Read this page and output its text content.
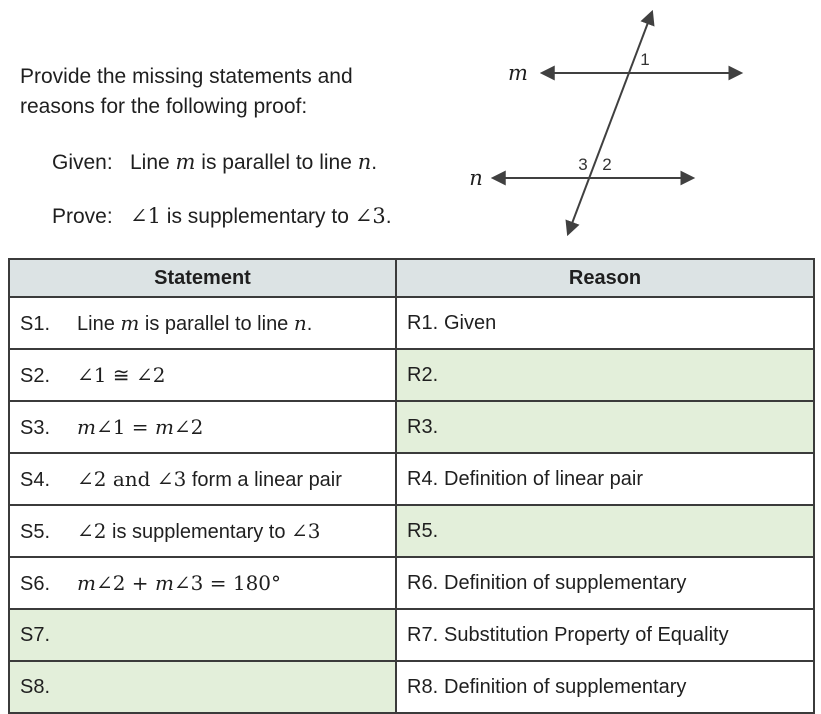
Provide the missing statements and
reasons for the following proof:
Given: Line m is parallel to line n.
Prove: ∠1 is supplementary to ∠3.
m
n
1
3 2
Statement	Reason
S1. Line m is parallel to line n.	R1. Given
S2. ∠1 ≅ ∠2	R2.
S3. m∠1 = m∠2	R3.
S4. ∠2 and ∠3 form a linear pair	R4. Definition of linear pair
S5. ∠2 is supplementary to ∠3	R5.
S6. m∠2 + m∠3 = 180°	R6. Definition of supplementary
S7.	R7. Substitution Property of Equality
S8.	R8. Definition of supplementary
